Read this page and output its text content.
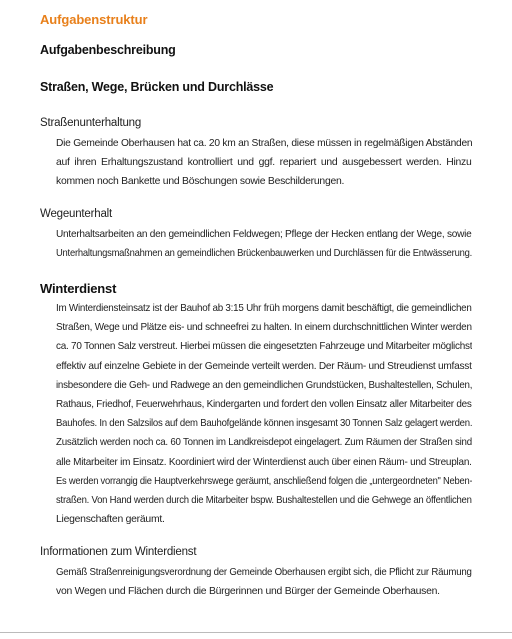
Aufgabenstruktur
Aufgabenbeschreibung
Straßen, Wege, Brücken und Durchlässe
Straßenunterhaltung
Die Gemeinde Oberhausen hat ca. 20 km an Straßen, diese müssen in regelmäßigen Abständen
auf ihren Erhaltungszustand kontrolliert und ggf. repariert und ausgebessert werden. Hinzu
kommen noch Bankette und Böschungen sowie Beschilderungen.
Wegeunterhalt
Unterhaltsarbeiten an den gemeindlichen Feldwegen; Pflege der Hecken entlang der Wege, sowie
Unterhaltungsmaßnahmen an gemeindlichen Brückenbauwerken und Durchlässen für die Entwässerung.
Winterdienst
Im Winterdiensteinsatz ist der Bauhof ab 3:15 Uhr früh morgens damit beschäftigt, die gemeindlichen
Straßen, Wege und Plätze eis- und schneefrei zu halten. In einem durchschnittlichen Winter werden
ca. 70 Tonnen Salz verstreut. Hierbei müssen die eingesetzten Fahrzeuge und Mitarbeiter möglichst
effektiv auf einzelne Gebiete in der Gemeinde verteilt werden. Der Räum- und Streudienst umfasst
insbesondere die Geh- und Radwege an den gemeindlichen Grundstücken, Bushaltestellen, Schulen,
Rathaus, Friedhof, Feuerwehrhaus, Kindergarten und fordert den vollen Einsatz aller Mitarbeiter des
Bauhofes. In den Salzsilos auf dem Bauhofgelände können insgesamt 30 Tonnen Salz gelagert werden.
Zusätzlich werden noch ca. 60 Tonnen im Landkreisdepot eingelagert. Zum Räumen der Straßen sind
alle Mitarbeiter im Einsatz. Koordiniert wird der Winterdienst auch über einen Räum- und Streuplan.
Es werden vorrangig die Hauptverkehrswege geräumt, anschließend folgen die „untergeordneten" Neben-
straßen. Von Hand werden durch die Mitarbeiter bspw. Bushaltestellen und die Gehwege an öffentlichen
Liegenschaften geräumt.
Informationen zum Winterdienst
Gemäß Straßenreinigungsverordnung der Gemeinde Oberhausen ergibt sich, die Pflicht zur Räumung
von Wegen und Flächen durch die Bürgerinnen und Bürger der Gemeinde Oberhausen.
